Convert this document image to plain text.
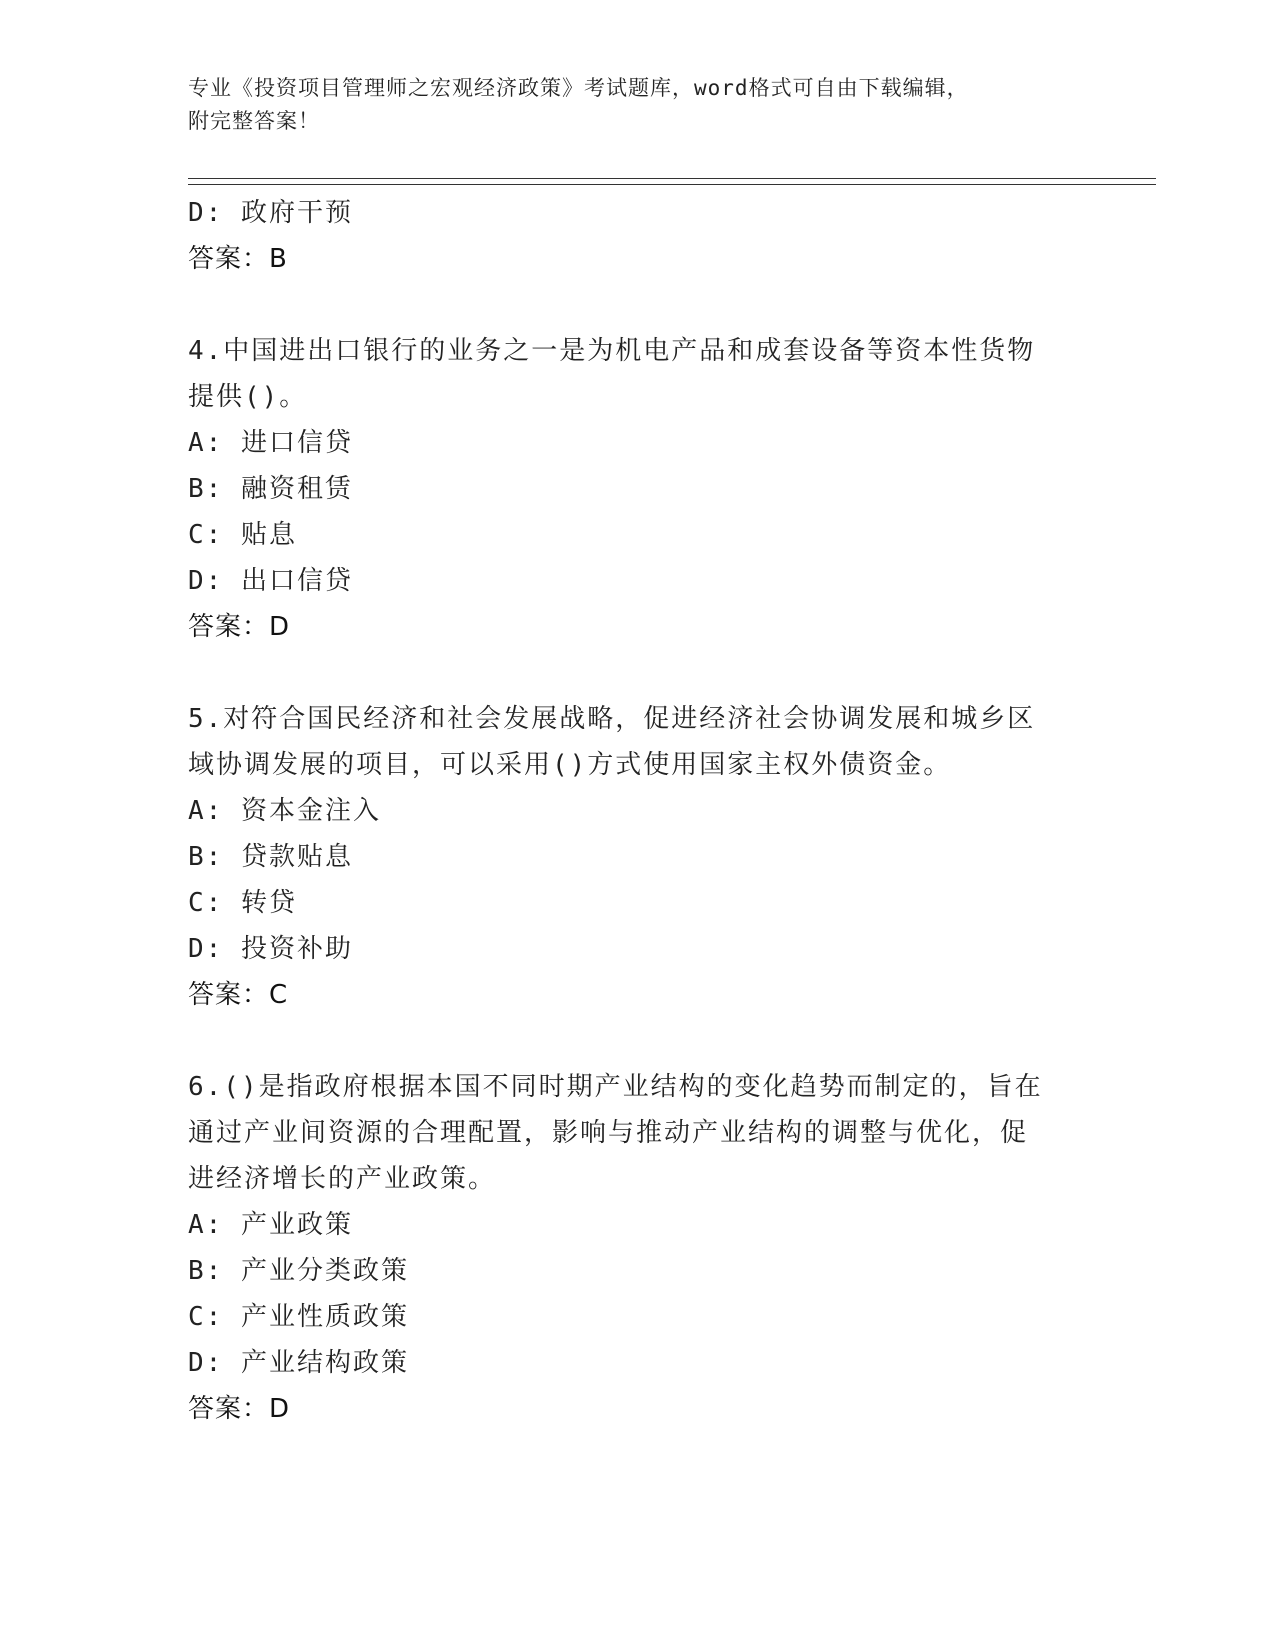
专业《投资项目管理师之宏观经济政策》考试题库，word格式可自由下载编辑，
附完整答案！

D: 政府干预

答案：B

4.中国进出口银行的业务之一是为机电产品和成套设备等资本性货物

提供()。

A: 进口信贷

B: 融资租赁

C: 贴息

D: 出口信贷

答案：D

5.对符合国民经济和社会发展战略，促进经济社会协调发展和城乡区

域协调发展的项目，可以采用()方式使用国家主权外债资金。

A: 资本金注入

B: 贷款贴息

C: 转贷

D: 投资补助

答案：C

6.()是指政府根据本国不同时期产业结构的变化趋势而制定的，旨在

通过产业间资源的合理配置，影响与推动产业结构的调整与优化，促

进经济增长的产业政策。

A: 产业政策

B: 产业分类政策

C: 产业性质政策

D: 产业结构政策

答案：D
